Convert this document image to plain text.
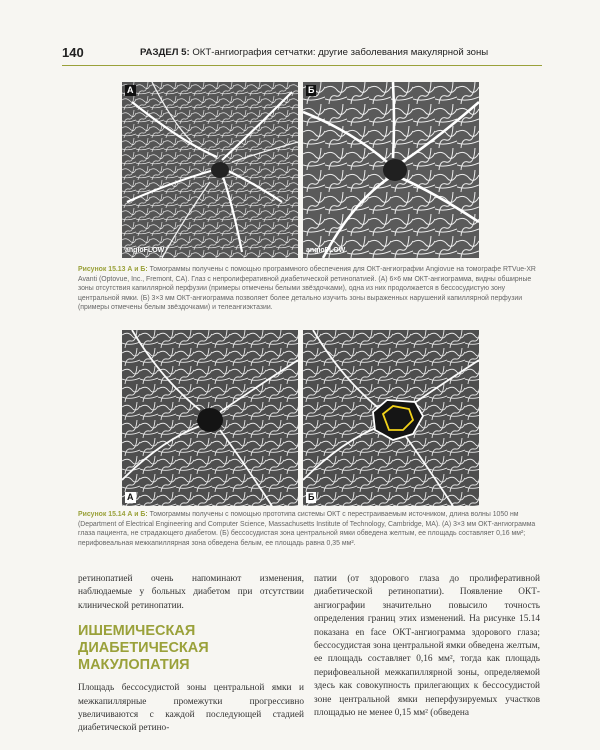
140	РАЗДЕЛ 5: ОКТ-ангиография сетчатки: другие заболевания макулярной зоны
A
angioFLOW
Б
angioFLOW
Рисунок 15.13 А и Б: Томограммы получены с помощью программного обеспечения для ОКТ-ангиографии Angiovue на томографе RTVue-XR Avanti (Optovue, Inc., Fremont, CA). Глаз с непролиферативной диабетической ретинопатией. (А) 6×6 мм ОКТ-ангиограмма, видны обширные зоны отсутствия капиллярной перфузии (примеры отмечены белыми звёздочками), одна из них продолжается в бессосудистую зону центральной ямки. (Б) 3×3 мм ОКТ-ангиограмма позволяет более детально изучить зоны выраженных нарушений капиллярной перфузии (примеры отмечены белым звёздочками) и телеангиэктазии.
A	Б
Рисунок 15.14 А и Б: Томограммы получены с помощью прототипа системы ОКТ с перестраиваемым источником, длина волны 1050 нм (Department of Electrical Engineering and Computer Science, Massachusetts Institute of Technology, Cambridge, MA). (А) 3×3 мм ОКТ-ангиограмма глаза пациента, не страдающего диабетом. (Б) бессосудистая зона центральной ямки обведена желтым, ее площадь составляет 0,16 мм²; перифовеальная межкапиллярная зона обведена белым, ее площадь равна 0,35 мм².

ретинопатией очень напоминают изменения, наблюдаемые у больных диабетом при отсутствии клинической ретинопатии.

ИШЕМИЧЕСКАЯ ДИАБЕТИЧЕСКАЯ МАКУЛОПАТИЯ

Площадь бессосудистой зоны центральной ямки и межкапиллярные промежутки прогрессивно увеличиваются с каждой последующей стадией диабетической ретино-

патии (от здорового глаза до пролиферативной диабетической ретинопатии). Появление ОКТ-ангиографии значительно повысило точность определения границ этих изменений. На рисунке 15.14 показана en face ОКТ-ангиограмма здорового глаза; бессосудистая зона центральной ямки обведена желтым, ее площадь составляет 0,16 мм², тогда как площадь перифовеальной межкапиллярной зоны, определяемой здесь как совокупность прилегающих к бессосудистой зоне центральной ямки неперфузируемых участков площадью не менее 0,15 мм² (обведена
